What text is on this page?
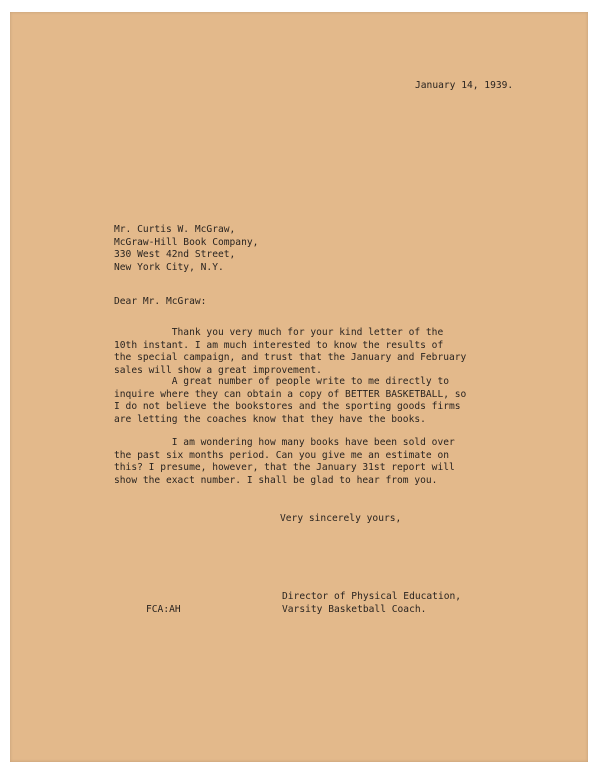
January 14, 1939.
Mr. Curtis W. McGraw,
McGraw-Hill Book Company,
330 West 42nd Street,
New York City, N.Y.
Dear Mr. McGraw:
Thank you very much for your kind letter of the
10th instant. I am much interested to know the results of
the special campaign, and trust that the January and February
sales will show a great improvement.
A great number of people write to me directly to
inquire where they can obtain a copy of BETTER BASKETBALL, so
I do not believe the bookstores and the sporting goods firms
are letting the coaches know that they have the books.
I am wondering how many books have been sold over
the past six months period. Can you give me an estimate on
this? I presume, however, that the January 31st report will
show the exact number. I shall be glad to hear from you.
Very sincerely yours,
FCA:AH
Director of Physical Education,
Varsity Basketball Coach.
